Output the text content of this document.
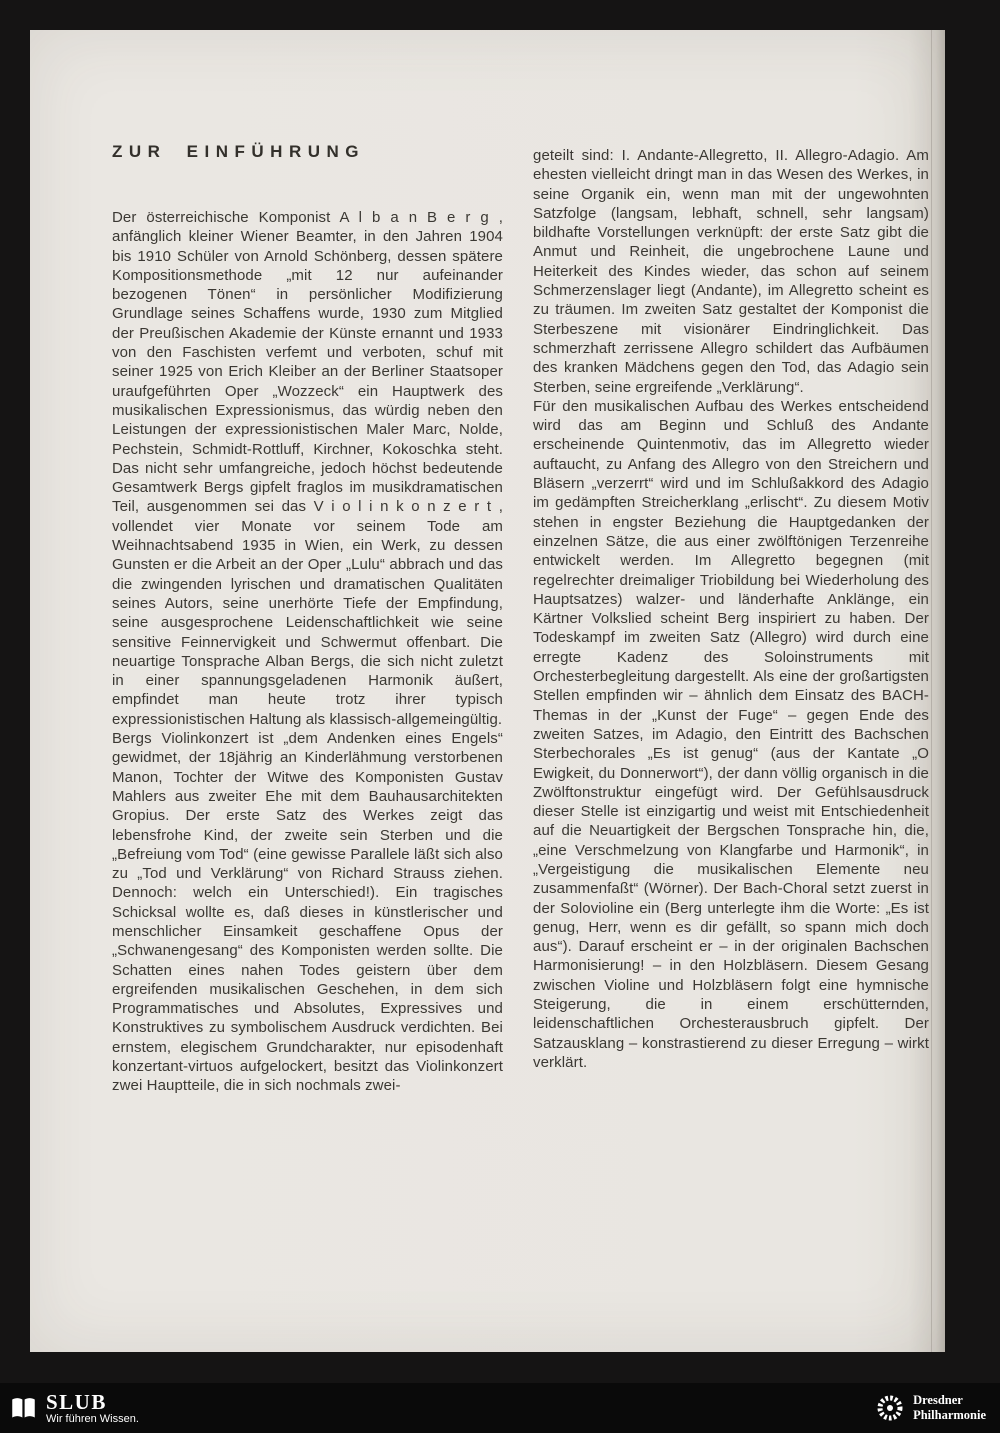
ZUR EINFÜHRUNG

Der österreichische Komponist A l b a n B e r g , anfänglich kleiner Wiener Beamter, in den Jahren 1904 bis 1910 Schüler von Arnold Schönberg, dessen spätere Kompositionsmethode „mit 12 nur aufeinander bezogenen Tönen“ in persönlicher Modifizierung Grundlage seines Schaffens wurde, 1930 zum Mitglied der Preußischen Akademie der Künste ernannt und 1933 von den Faschisten verfemt und verboten, schuf mit seiner 1925 von Erich Kleiber an der Berliner Staatsoper uraufgeführten Oper „Wozzeck“ ein Hauptwerk des musikalischen Expressionismus, das würdig neben den Leistungen der expressionistischen Maler Marc, Nolde, Pechstein, Schmidt-Rottluff, Kirchner, Kokoschka steht. Das nicht sehr umfangreiche, jedoch höchst bedeutende Gesamtwerk Bergs gipfelt fraglos im musikdramatischen Teil, ausgenommen sei das V i o l i n k o n z e r t , vollendet vier Monate vor seinem Tode am Weihnachtsabend 1935 in Wien, ein Werk, zu dessen Gunsten er die Arbeit an der Oper „Lulu“ abbrach und das die zwingenden lyrischen und dramatischen Qualitäten seines Autors, seine unerhörte Tiefe der Empfindung, seine ausgesprochene Leidenschaftlichkeit wie seine sensitive Feinnervigkeit und Schwermut offenbart. Die neuartige Tonsprache Alban Bergs, die sich nicht zuletzt in einer spannungsgeladenen Harmonik äußert, empfindet man heute trotz ihrer typisch expressionistischen Haltung als klassisch-allgemeingültig.

Bergs Violinkonzert ist „dem Andenken eines Engels“ gewidmet, der 18jährig an Kinderlähmung verstorbenen Manon, Tochter der Witwe des Komponisten Gustav Mahlers aus zweiter Ehe mit dem Bauhausarchitekten Gropius. Der erste Satz des Werkes zeigt das lebensfrohe Kind, der zweite sein Sterben und die „Befreiung vom Tod“ (eine gewisse Parallele läßt sich also zu „Tod und Verklärung“ von Richard Strauss ziehen. Dennoch: welch ein Unterschied!). Ein tragisches Schicksal wollte es, daß dieses in künstlerischer und menschlicher Einsamkeit geschaffene Opus der „Schwanengesang“ des Komponisten werden sollte. Die Schatten eines nahen Todes geistern über dem ergreifenden musikalischen Geschehen, in dem sich Programmatisches und Absolutes, Expressives und Konstruktives zu symbolischem Ausdruck verdichten. Bei ernstem, elegischem Grundcharakter, nur episodenhaft konzertant-virtuos aufgelockert, besitzt das Violinkonzert zwei Hauptteile, die in sich nochmals zwei-

geteilt sind: I. Andante-Allegretto, II. Allegro-Adagio. Am ehesten vielleicht dringt man in das Wesen des Werkes, in seine Organik ein, wenn man mit der ungewohnten Satzfolge (langsam, lebhaft, schnell, sehr langsam) bildhafte Vorstellungen verknüpft: der erste Satz gibt die Anmut und Reinheit, die ungebrochene Laune und Heiterkeit des Kindes wieder, das schon auf seinem Schmerzenslager liegt (Andante), im Allegretto scheint es zu träumen. Im zweiten Satz gestaltet der Komponist die Sterbeszene mit visionärer Eindringlichkeit. Das schmerzhaft zerrissene Allegro schildert das Aufbäumen des kranken Mädchens gegen den Tod, das Adagio sein Sterben, seine ergreifende „Verklärung“.

Für den musikalischen Aufbau des Werkes entscheidend wird das am Beginn und Schluß des Andante erscheinende Quintenmotiv, das im Allegretto wieder auftaucht, zu Anfang des Allegro von den Streichern und Bläsern „verzerrt“ wird und im Schlußakkord des Adagio im gedämpften Streicherklang „erlischt“. Zu diesem Motiv stehen in engster Beziehung die Hauptgedanken der einzelnen Sätze, die aus einer zwölftönigen Terzenreihe entwickelt werden. Im Allegretto begegnen (mit regelrechter dreimaliger Triobildung bei Wiederholung des Hauptsatzes) walzer- und länderhafte Anklänge, ein Kärtner Volkslied scheint Berg inspiriert zu haben. Der Todeskampf im zweiten Satz (Allegro) wird durch eine erregte Kadenz des Soloinstruments mit Orchesterbegleitung dargestellt. Als eine der großartigsten Stellen empfinden wir – ähnlich dem Einsatz des BACH-Themas in der „Kunst der Fuge“ – gegen Ende des zweiten Satzes, im Adagio, den Eintritt des Bachschen Sterbechorales „Es ist genug“ (aus der Kantate „O Ewigkeit, du Donnerwort“), der dann völlig organisch in die Zwölftonstruktur eingefügt wird. Der Gefühlsausdruck dieser Stelle ist einzigartig und weist mit Entschiedenheit auf die Neuartigkeit der Bergschen Tonsprache hin, die, „eine Verschmelzung von Klangfarbe und Harmonik“, in „Vergeistigung die musikalischen Elemente neu zusammenfaßt“ (Wörner). Der Bach-Choral setzt zuerst in der Solovioline ein (Berg unterlegte ihm die Worte: „Es ist genug, Herr, wenn es dir gefällt, so spann mich doch aus“). Darauf erscheint er – in der originalen Bachschen Harmonisierung! – in den Holzbläsern. Diesem Gesang zwischen Violine und Holzbläsern folgt eine hymnische Steigerung, die in einem erschütternden, leidenschaftlichen Orchesterausbruch gipfelt. Der Satzausklang – konstrastierend zu dieser Erregung – wirkt verklärt.

SLUB
Wir führen Wissen.
Dresdner
Philharmonie
